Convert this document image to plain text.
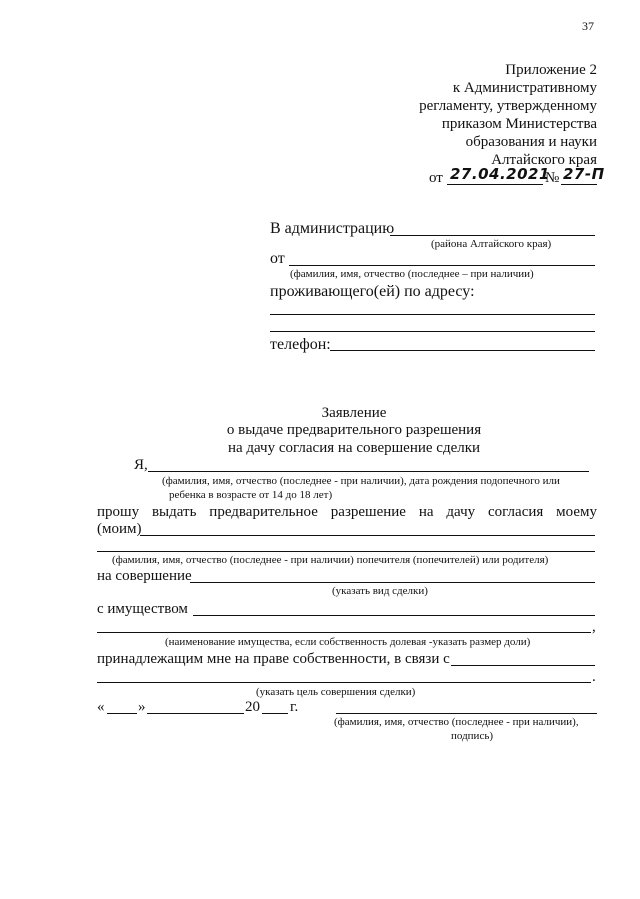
37
Приложение 2
к Административному
регламенту, утвержденному
приказом Министерства
образования и науки
Алтайского края
от 27.04.2021
№ 27-П
В администрацию
(района Алтайского края)
от
(фамилия, имя, отчество (последнее – при наличии)
проживающего(ей) по адресу:
телефон:
Заявление
о выдаче предварительного разрешения
на дачу согласия на совершение сделки
Я,
(фамилия, имя, отчество (последнее - при наличии), дата рождения подопечного или
ребенка в возрасте от 14 до 18 лет)
прошу выдать предварительное разрешение на дачу согласия моему
(моим)
(фамилия, имя, отчество (последнее - при наличии) попечителя (попечителей) или родителя)
на совершение
(указать вид сделки)
с имуществом
,
(наименование имущества, если собственность долевая -указать размер доли)
принадлежащим мне на праве собственности, в связи с
.
(указать цель совершения сделки)
« »	20 г.
(фамилия, имя, отчество (последнее - при наличии),
подпись)
